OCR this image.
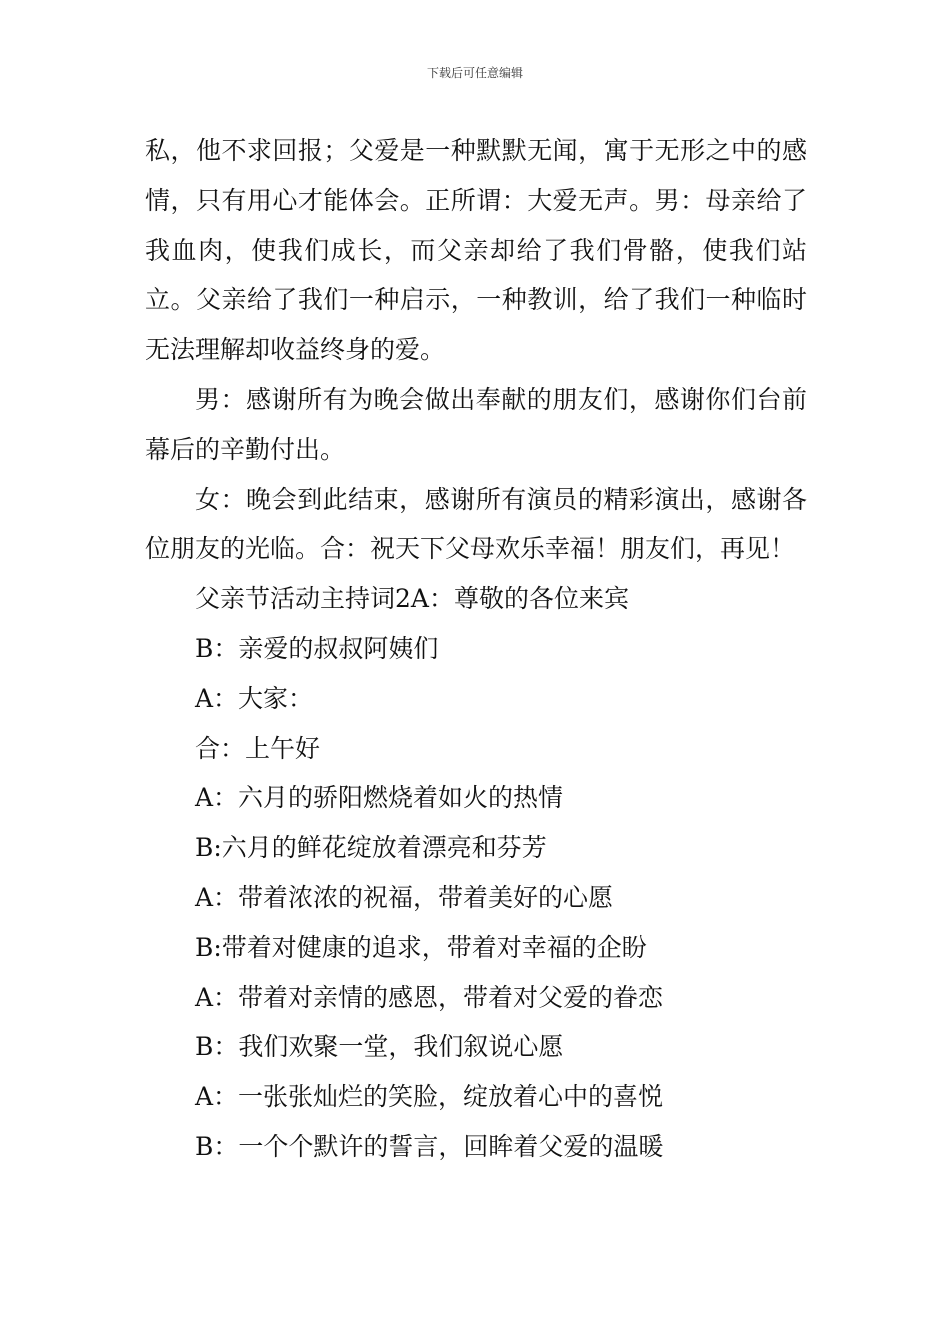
下载后可任意编辑

私，他不求回报；父爱是一种默默无闻，寓于无形之中的感情，只有用心才能体会。正所谓：大爱无声。男：母亲给了我血肉，使我们成长，而父亲却给了我们骨骼，使我们站立。父亲给了我们一种启示，一种教训，给了我们一种临时无法理解却收益终身的爱。

男：感谢所有为晚会做出奉献的朋友们，感谢你们台前幕后的辛勤付出。

女：晚会到此结束，感谢所有演员的精彩演出，感谢各位朋友的光临。合：祝天下父母欢乐幸福！朋友们，再见！

父亲节活动主持词2A：尊敬的各位来宾

B：亲爱的叔叔阿姨们

A：大家：

合：上午好

A：六月的骄阳燃烧着如火的热情

B:六月的鲜花绽放着漂亮和芬芳

A：带着浓浓的祝福，带着美好的心愿

B:带着对健康的追求，带着对幸福的企盼

A：带着对亲情的感恩，带着对父爱的眷恋

B：我们欢聚一堂，我们叙说心愿

A：一张张灿烂的笑脸，绽放着心中的喜悦

B：一个个默许的誓言，回眸着父爱的温暖
